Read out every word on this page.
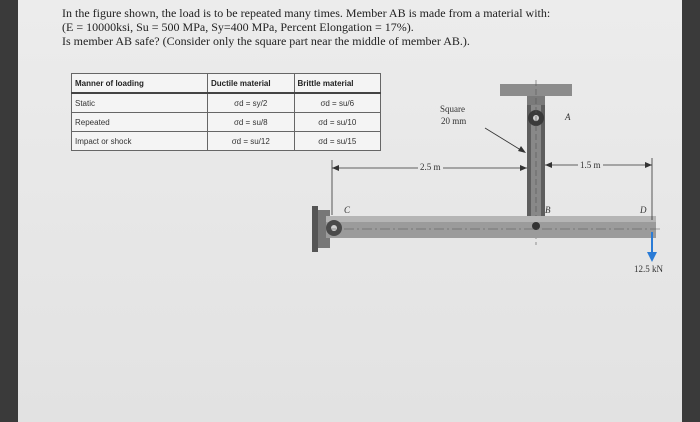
In the figure shown, the load is to be repeated many times. Member AB is made from a material with:
(E = 10000ksi, Su = 500 MPa, Sy=400 MPa, Percent Elongation = 17%).
Is member AB safe? (Consider only the square part near the middle of member AB.).
Manner of loading	Ductile material	Brittle material
Static	σd = sy/2	σd = su/6
Repeated	σd = su/8	σd = su/10
Impact or shock	σd = su/12	σd = su/15
Square
20 mm	A
B
C	D
2.5 m	1.5 m
12.5 kN
